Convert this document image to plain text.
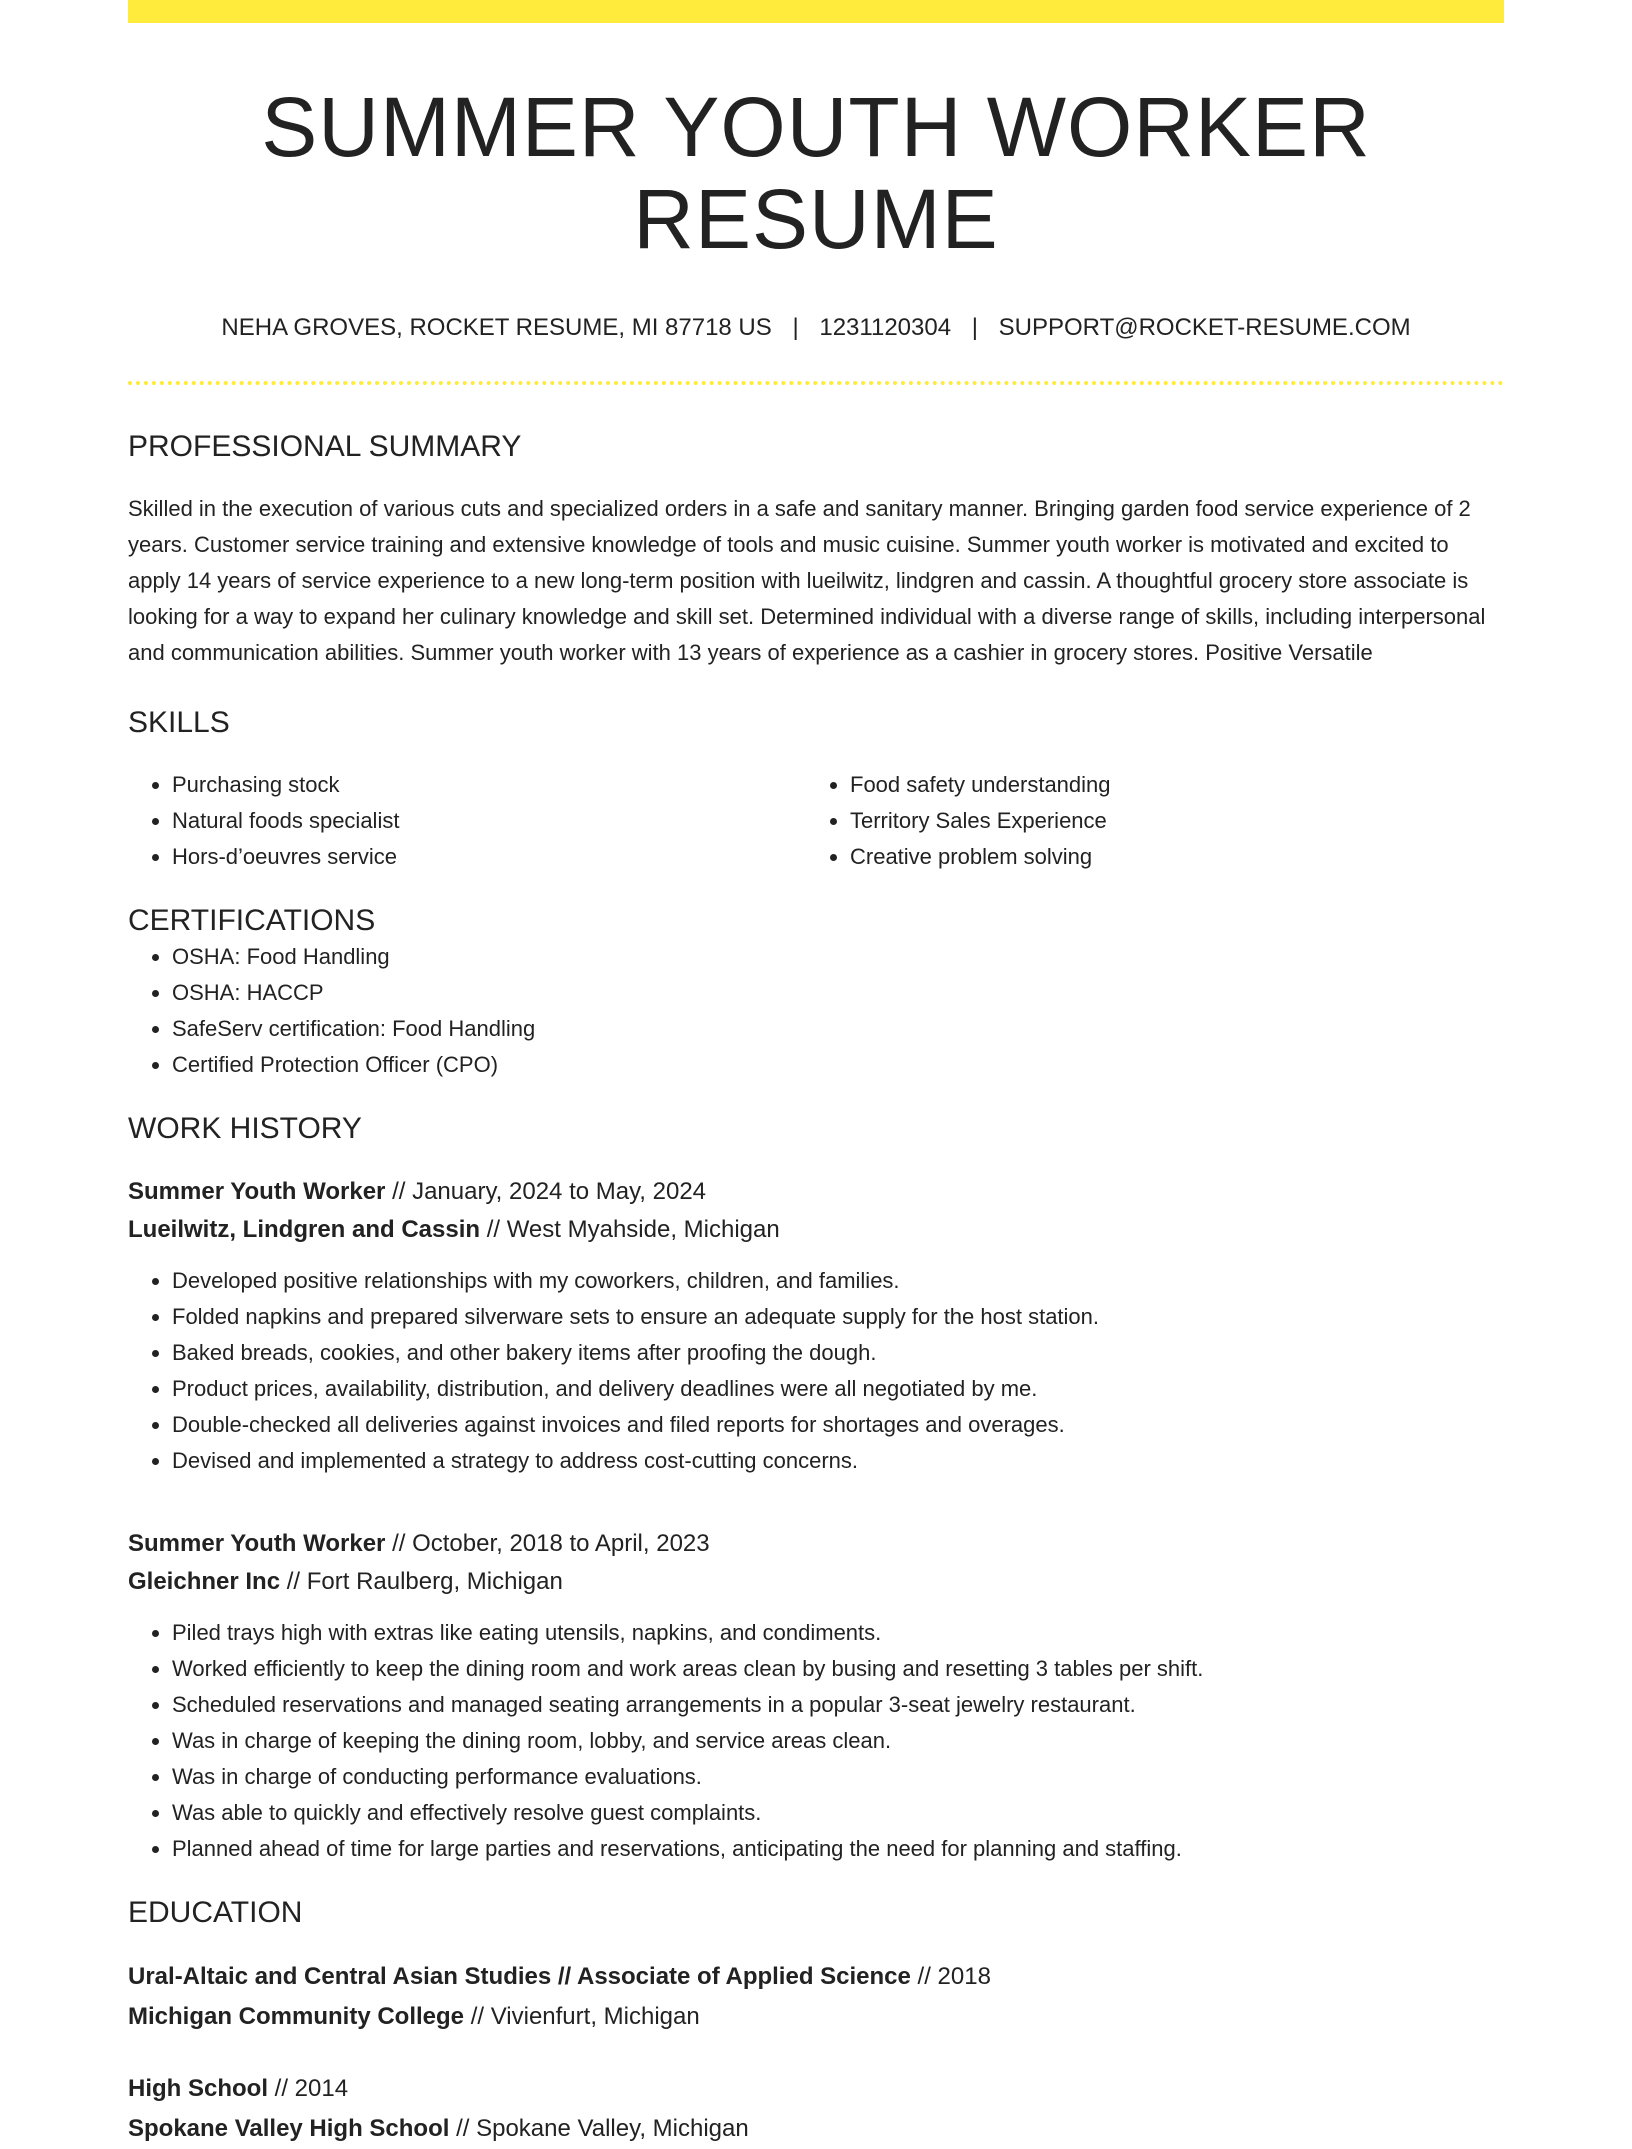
SUMMER YOUTH WORKER RESUME
NEHA GROVES, ROCKET RESUME, MI 87718 US | 1231120304 | SUPPORT@ROCKET-RESUME.COM
PROFESSIONAL SUMMARY

Skilled in the execution of various cuts and specialized orders in a safe and sanitary manner. Bringing garden food service experience of 2 years. Customer service training and extensive knowledge of tools and music cuisine. Summer youth worker is motivated and excited to apply 14 years of service experience to a new long-term position with lueilwitz, lindgren and cassin. A thoughtful grocery store associate is looking for a way to expand her culinary knowledge and skill set. Determined individual with a diverse range of skills, including interpersonal and communication abilities. Summer youth worker with 13 years of experience as a cashier in grocery stores. Positive Versatile

SKILLS
• Purchasing stock
• Natural foods specialist
• Hors-d’oeuvres service
• Food safety understanding
• Territory Sales Experience
• Creative problem solving
CERTIFICATIONS
• OSHA: Food Handling
• OSHA: HACCP
• SafeServ certification: Food Handling
• Certified Protection Officer (CPO)
WORK HISTORY
Summer Youth Worker // January, 2024 to May, 2024
Lueilwitz, Lindgren and Cassin // West Myahside, Michigan
• Developed positive relationships with my coworkers, children, and families.
• Folded napkins and prepared silverware sets to ensure an adequate supply for the host station.
• Baked breads, cookies, and other bakery items after proofing the dough.
• Product prices, availability, distribution, and delivery deadlines were all negotiated by me.
• Double-checked all deliveries against invoices and filed reports for shortages and overages.
• Devised and implemented a strategy to address cost-cutting concerns.
Summer Youth Worker // October, 2018 to April, 2023
Gleichner Inc // Fort Raulberg, Michigan
• Piled trays high with extras like eating utensils, napkins, and condiments.
• Worked efficiently to keep the dining room and work areas clean by busing and resetting 3 tables per shift.
• Scheduled reservations and managed seating arrangements in a popular 3-seat jewelry restaurant.
• Was in charge of keeping the dining room, lobby, and service areas clean.
• Was in charge of conducting performance evaluations.
• Was able to quickly and effectively resolve guest complaints.
• Planned ahead of time for large parties and reservations, anticipating the need for planning and staffing.
EDUCATION
Ural-Altaic and Central Asian Studies // Associate of Applied Science // 2018
Michigan Community College // Vivienfurt, Michigan
High School // 2014
Spokane Valley High School // Spokane Valley, Michigan
